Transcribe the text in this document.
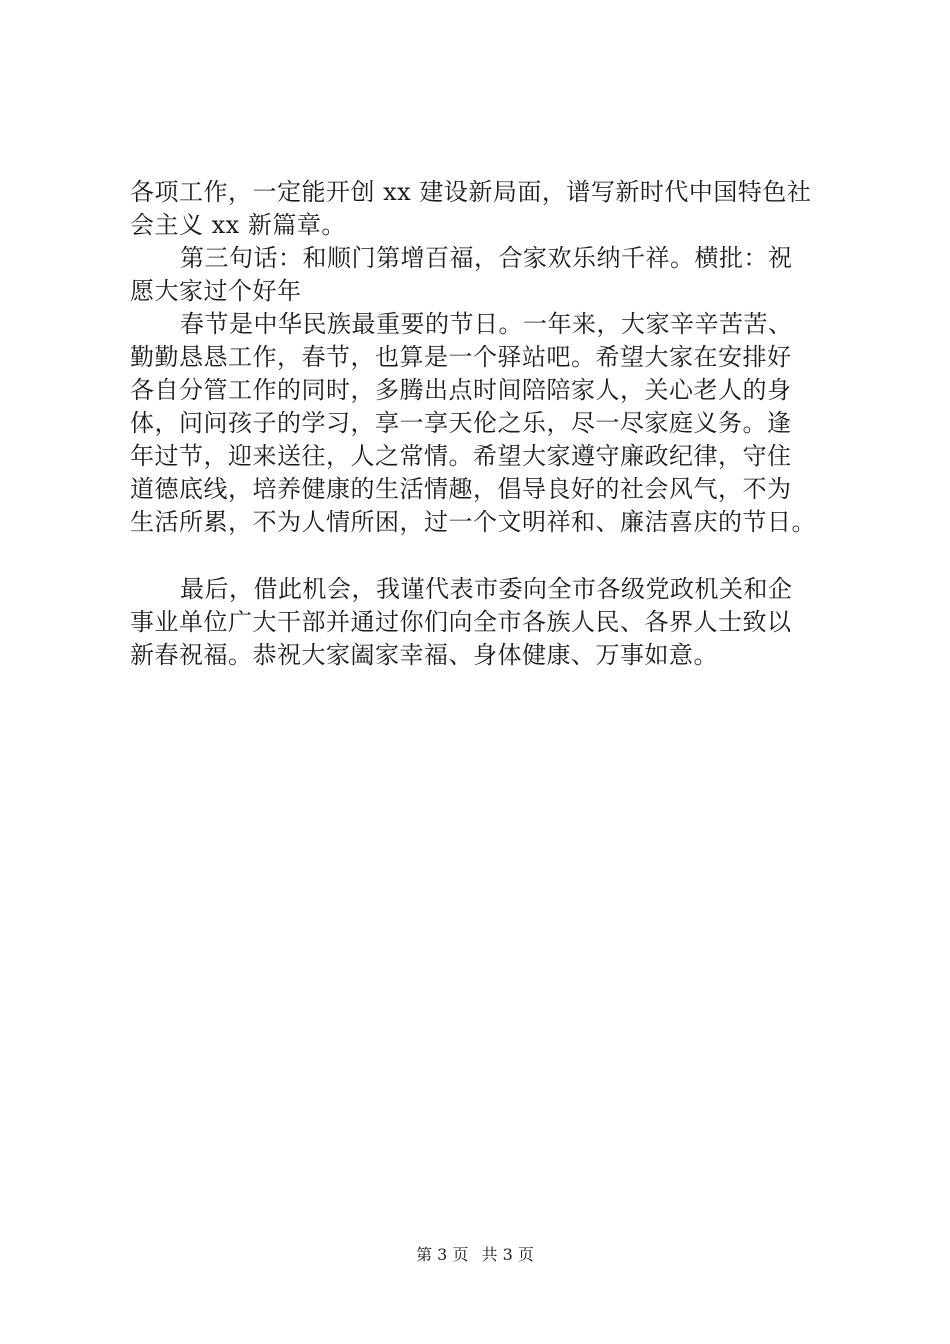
各项工作，一定能开创 xx 建设新局面，谱写新时代中国特色社
会主义 xx 新篇章。
第三句话：和顺门第增百福，合家欢乐纳千祥。横批：祝
愿大家过个好年
春节是中华民族最重要的节日。一年来，大家辛辛苦苦、
勤勤恳恳工作，春节，也算是一个驿站吧。希望大家在安排好
各自分管工作的同时，多腾出点时间陪陪家人，关心老人的身
体，问问孩子的学习，享一享天伦之乐，尽一尽家庭义务。逢
年过节，迎来送往，人之常情。希望大家遵守廉政纪律，守住
道德底线，培养健康的生活情趣，倡导良好的社会风气，不为
生活所累，不为人情所困，过一个文明祥和、廉洁喜庆的节日。
最后，借此机会，我谨代表市委向全市各级党政机关和企
事业单位广大干部并通过你们向全市各族人民、各界人士致以
新春祝福。恭祝大家阖家幸福、身体健康、万事如意。
第 3 页 共 3 页
